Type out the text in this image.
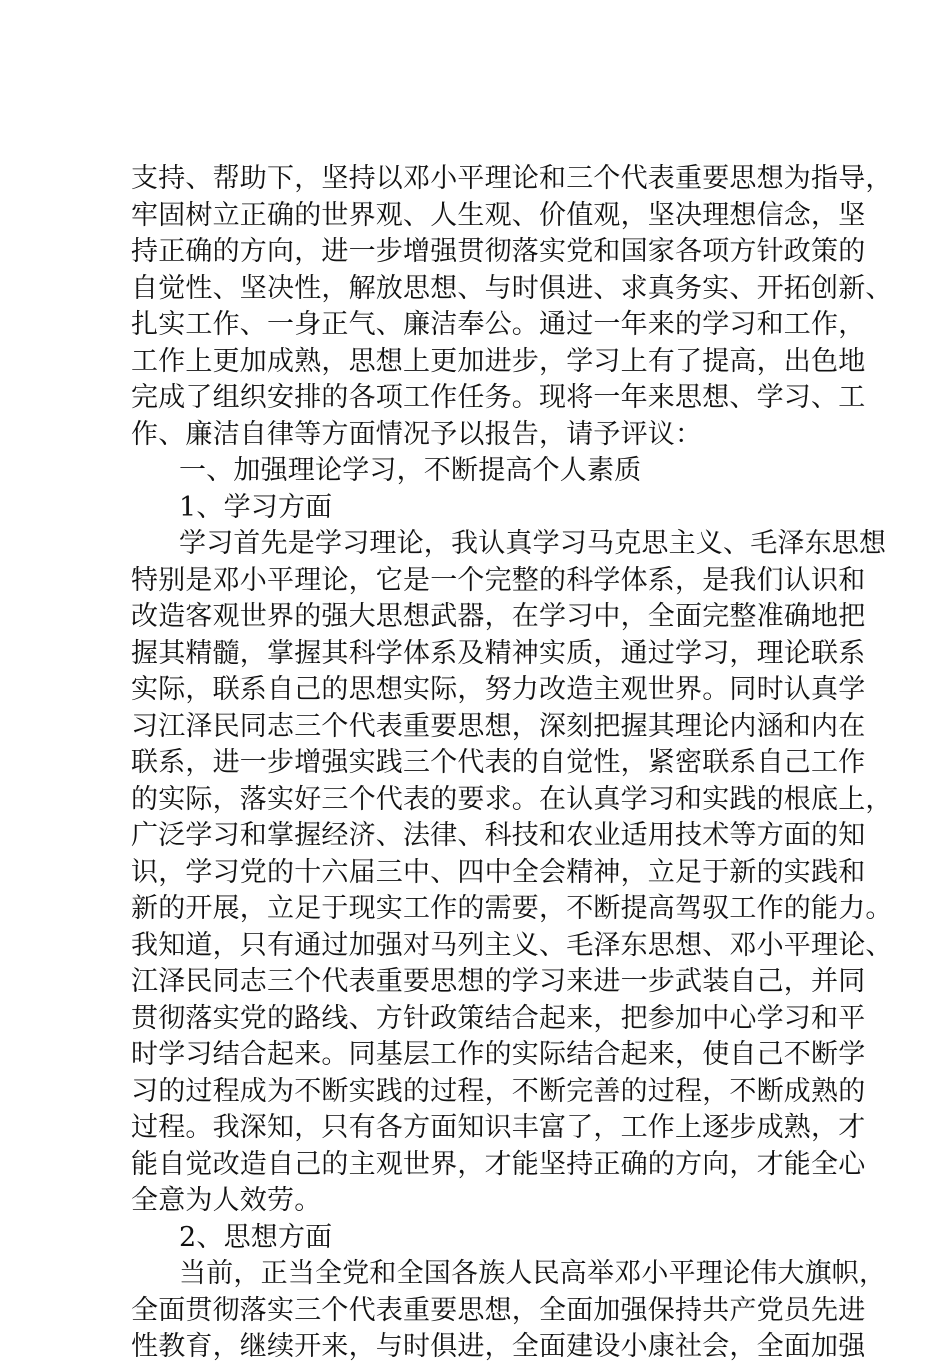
支持、帮助下，坚持以邓小平理论和三个代表重要思想为指导，
牢固树立正确的世界观、人生观、价值观，坚决理想信念，坚
持正确的方向，进一步增强贯彻落实党和国家各项方针政策的
自觉性、坚决性，解放思想、与时俱进、求真务实、开拓创新、
扎实工作、一身正气、廉洁奉公。通过一年来的学习和工作，
工作上更加成熟，思想上更加进步，学习上有了提高，出色地
完成了组织安排的各项工作任务。现将一年来思想、学习、工
作、廉洁自律等方面情况予以报告，请予评议：
一、加强理论学习，不断提高个人素质
1、学习方面
学习首先是学习理论，我认真学习马克思主义、毛泽东思想
特别是邓小平理论，它是一个完整的科学体系，是我们认识和
改造客观世界的强大思想武器，在学习中，全面完整准确地把
握其精髓，掌握其科学体系及精神实质，通过学习，理论联系
实际，联系自己的思想实际，努力改造主观世界。同时认真学
习江泽民同志三个代表重要思想，深刻把握其理论内涵和内在
联系，进一步增强实践三个代表的自觉性，紧密联系自己工作
的实际，落实好三个代表的要求。在认真学习和实践的根底上，
广泛学习和掌握经济、法律、科技和农业适用技术等方面的知
识，学习党的十六届三中、四中全会精神，立足于新的实践和
新的开展，立足于现实工作的需要，不断提高驾驭工作的能力。
我知道，只有通过加强对马列主义、毛泽东思想、邓小平理论、
江泽民同志三个代表重要思想的学习来进一步武装自己，并同
贯彻落实党的路线、方针政策结合起来，把参加中心学习和平
时学习结合起来。同基层工作的实际结合起来，使自己不断学
习的过程成为不断实践的过程，不断完善的过程，不断成熟的
过程。我深知，只有各方面知识丰富了，工作上逐步成熟，才
能自觉改造自己的主观世界，才能坚持正确的方向，才能全心
全意为人效劳。
2、思想方面
当前，正当全党和全国各族人民高举邓小平理论伟大旗帜，
全面贯彻落实三个代表重要思想，全面加强保持共产党员先进
性教育，继续开来，与时俱进，全面建设小康社会，全面加强
